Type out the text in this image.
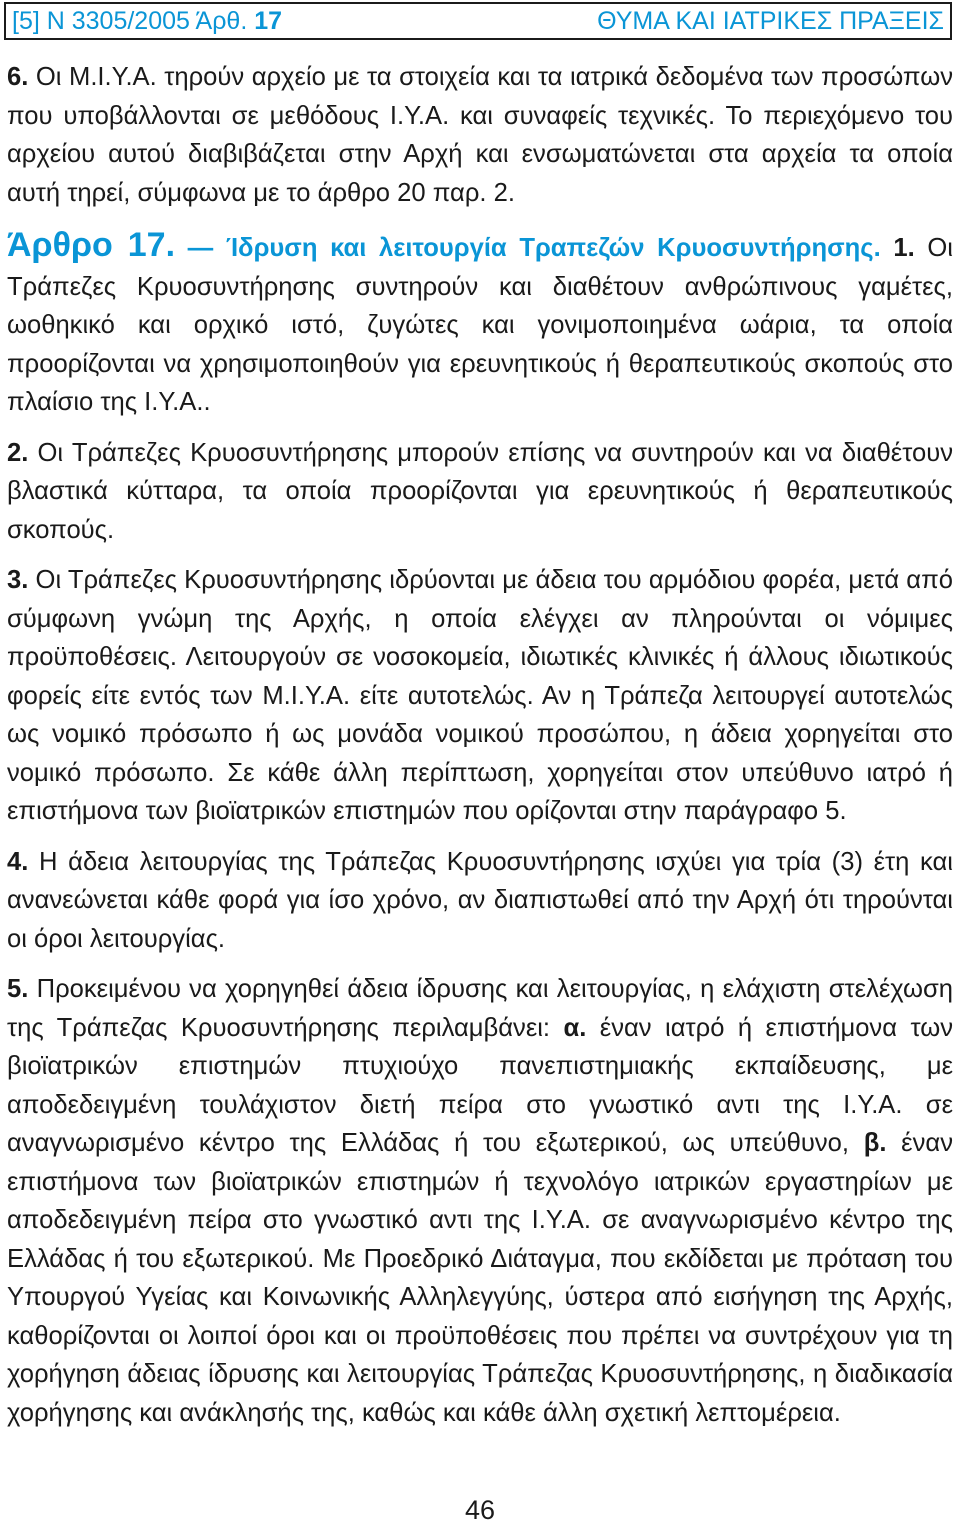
[5] Ν 3305/2005 Άρθ. 17	ΘΥΜΑ ΚΑΙ ΙΑΤΡΙΚΕΣ ΠΡΑΞΕΙΣ

6. Οι Μ.Ι.Υ.Α. τηρούν αρχείο με τα στοιχεία και τα ιατρικά δεδομένα των προσώπων που υποβάλλονται σε μεθόδους Ι.Υ.Α. και συναφείς τεχνικές. Το περιεχόμενο του αρχείου αυτού διαβιβάζεται στην Αρχή και ενσωματώνεται στα αρχεία τα οποία αυτή τηρεί, σύμφωνα με το άρθρο 20 παρ. 2.

Άρθρο 17. — Ίδρυση και λειτουργία Τραπεζών Κρυοσυντήρησης. 1. Οι Τράπεζες Κρυοσυντήρησης συντηρούν και διαθέτουν ανθρώπινους γαμέτες, ωοθηκικό και ορχικό ιστό, ζυγώτες και γονιμοποιημένα ωάρια, τα οποία προορίζονται να χρησιμοποιηθούν για ερευνητικούς ή θεραπευτικούς σκοπούς στο πλαίσιο της Ι.Υ.Α..

2. Οι Τράπεζες Κρυοσυντήρησης μπορούν επίσης να συντηρούν και να διαθέτουν βλαστικά κύτταρα, τα οποία προορίζονται για ερευνητικούς ή θεραπευτικούς σκοπούς.

3. Οι Τράπεζες Κρυοσυντήρησης ιδρύονται με άδεια του αρμόδιου φορέα, μετά από σύμφωνη γνώμη της Αρχής, η οποία ελέγχει αν πληρούνται οι νόμιμες προϋποθέσεις. Λειτουργούν σε νοσοκομεία, ιδιωτικές κλινικές ή άλλους ιδιωτικούς φορείς είτε εντός των Μ.Ι.Υ.Α. είτε αυτοτελώς. Αν η Τράπεζα λειτουργεί αυτοτελώς ως νομικό πρόσωπο ή ως μονάδα νομικού προσώπου, η άδεια χορηγείται στο νομικό πρόσωπο. Σε κάθε άλλη περίπτωση, χορηγείται στον υπεύθυνο ιατρό ή επιστήμονα των βιοϊατρικών επιστημών που ορίζονται στην παράγραφο 5.

4. Η άδεια λειτουργίας της Τράπεζας Κρυοσυντήρησης ισχύει για τρία (3) έτη και ανανεώνεται κάθε φορά για ίσο χρόνο, αν διαπιστωθεί από την Αρχή ότι τηρούνται οι όροι λειτουργίας.

5. Προκειμένου να χορηγηθεί άδεια ίδρυσης και λειτουργίας, η ελάχιστη στελέχωση της Τράπεζας Κρυοσυντήρησης περιλαμβάνει: α. έναν ιατρό ή επιστήμονα των βιοϊατρικών επιστημών πτυχιούχο πανεπιστημιακής εκπαίδευσης, με αποδεδειγμένη τουλάχιστον διετή πείρα στο γνωστικό αντι της Ι.Υ.Α. σε αναγνωρισμένο κέντρο της Ελλάδας ή του εξωτερικού, ως υπεύθυνο, β. έναν επιστήμονα των βιοϊατρικών επιστημών ή τεχνολόγο ιατρικών εργαστηρίων με αποδεδειγμένη πείρα στο γνωστικό αντι της Ι.Υ.Α. σε αναγνωρισμένο κέντρο της Ελλάδας ή του εξωτερικού. Με Προεδρικό Διάταγμα, που εκδίδεται με πρόταση του Υπουργού Υγείας και Κοινωνικής Αλληλεγγύης, ύστερα από εισήγηση της Αρχής, καθορίζονται οι λοιποί όροι και οι προϋποθέσεις που πρέπει να συντρέχουν για τη χορήγηση άδειας ίδρυσης και λειτουργίας Τράπεζας Κρυοσυντήρησης, η διαδικασία χορήγησης και ανάκλησής της, καθώς και κάθε άλλη σχετική λεπτομέρεια.

46
